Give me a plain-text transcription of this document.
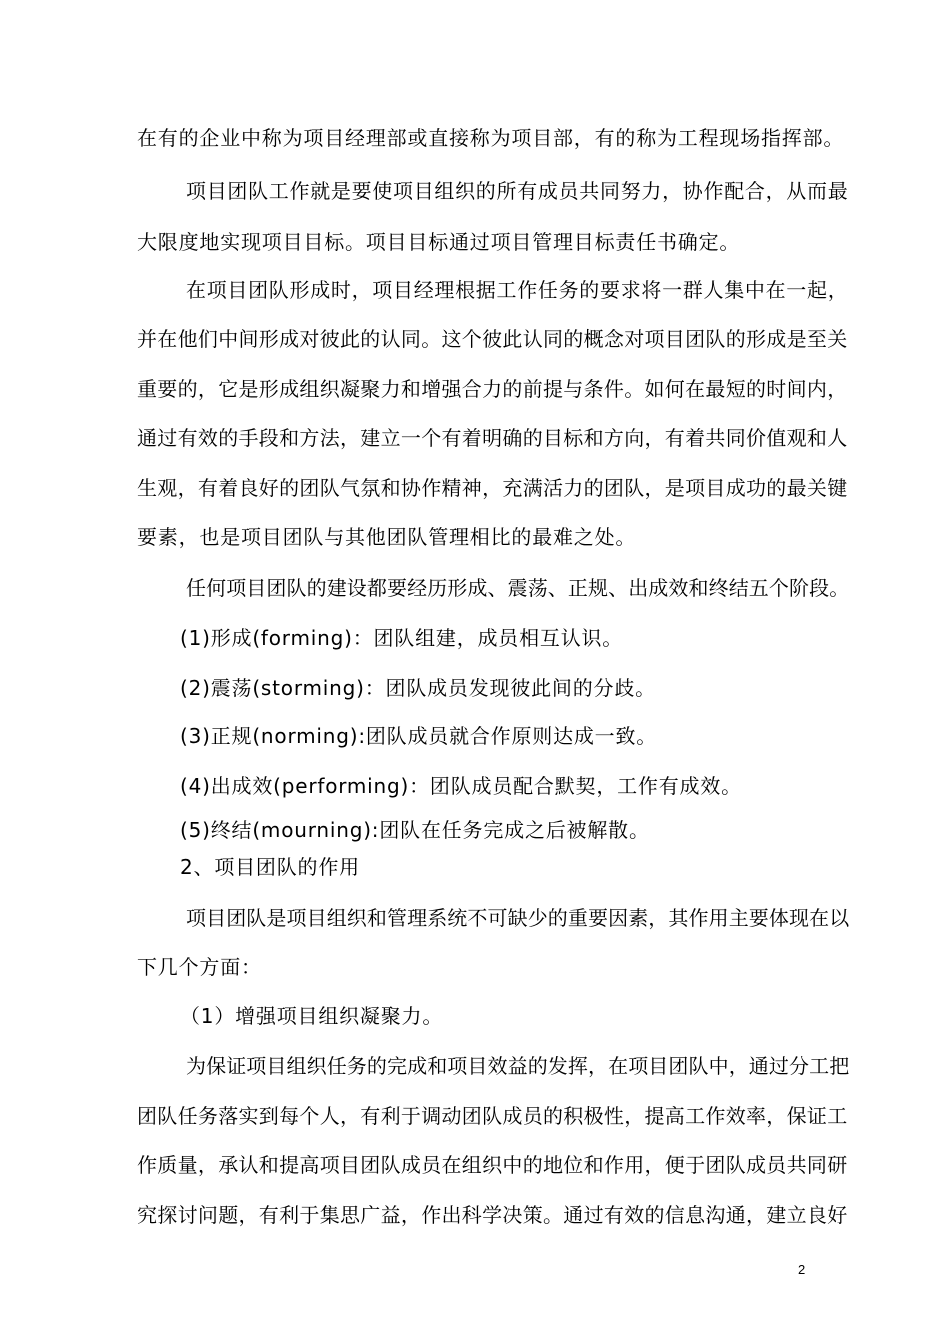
在有的企业中称为项目经理部或直接称为项目部，有的称为工程现场指挥部。
项目团队工作就是要使项目组织的所有成员共同努力，协作配合，从而最
大限度地实现项目目标。项目目标通过项目管理目标责任书确定。
在项目团队形成时，项目经理根据工作任务的要求将一群人集中在一起，
并在他们中间形成对彼此的认同。这个彼此认同的概念对项目团队的形成是至关
重要的，它是形成组织凝聚力和增强合力的前提与条件。如何在最短的时间内，
通过有效的手段和方法，建立一个有着明确的目标和方向，有着共同价值观和人
生观，有着良好的团队气氛和协作精神，充满活力的团队，是项目成功的最关键
要素，也是项目团队与其他团队管理相比的最难之处。
任何项目团队的建设都要经历形成、震荡、正规、出成效和终结五个阶段。
(1)形成(forming)：团队组建，成员相互认识。
(2)震荡(storming)：团队成员发现彼此间的分歧。
(3)正规(norming):团队成员就合作原则达成一致。
(4)出成效(performing)：团队成员配合默契，工作有成效。
(5)终结(mourning):团队在任务完成之后被解散。
2、项目团队的作用
项目团队是项目组织和管理系统不可缺少的重要因素，其作用主要体现在以
下几个方面：
（1）增强项目组织凝聚力。
为保证项目组织任务的完成和项目效益的发挥，在项目团队中，通过分工把
团队任务落实到每个人，有利于调动团队成员的积极性，提高工作效率，保证工
作质量，承认和提高项目团队成员在组织中的地位和作用，便于团队成员共同研
究探讨问题，有利于集思广益，作出科学决策。通过有效的信息沟通，建立良好
2
